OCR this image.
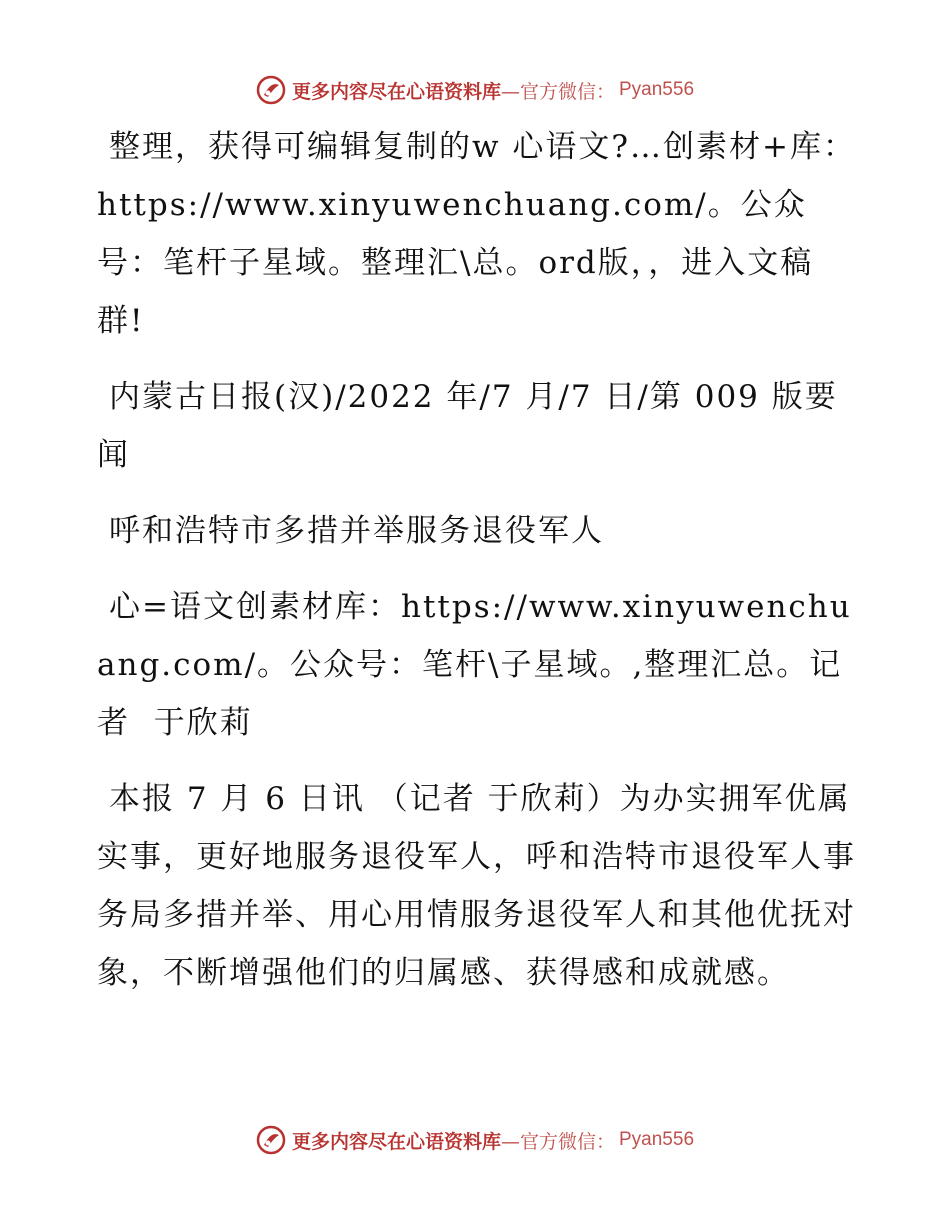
更多内容尽在心语资料库—官方微信： Pyan556

整理，获得可编辑复制的w 心语文?…创素材+库：https://www.xinyuwenchuang.com/。公众号：笔杆子星域。整理汇\总。ord版，，进入文稿群!

内蒙古日报(汉)/2022 年/7 月/7 日/第 009 版要闻

呼和浩特市多措并举服务退役军人

心=语文创素材库：https://www.xinyuwenchuang.com/。公众号：笔杆\子星域。,整理汇总。记者  于欣莉

本报 7 月 6 日讯 （记者 于欣莉）为办实拥军优属实事，更好地服务退役军人，呼和浩特市退役军人事务局多措并举、用心用情服务退役军人和其他优抚对象，不断增强他们的归属感、获得感和成就感。

更多内容尽在心语资料库—官方微信： Pyan556
